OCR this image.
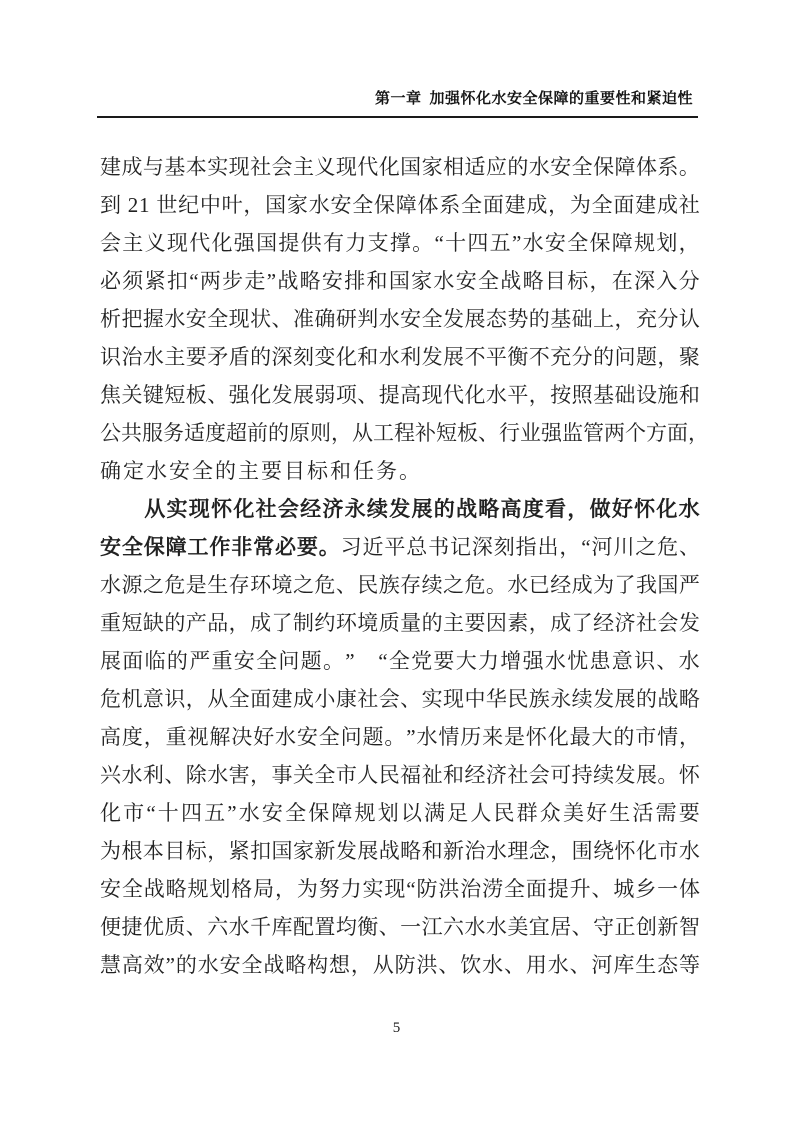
第一章 加强怀化水安全保障的重要性和紧迫性
建 成 与 基 本 实 现 社 会 主 义 现 代 化 国 家 相 适 应 的 水 安 全 保 障 体 系 。
到
2 1
世 纪 中 叶 ， 国 家 水 安 全 保 障 体 系 全 面 建 成 ， 为 全 面 建 成 社
会 主 义 现 代 化 强 国 提 供 有 力 支 撑 。 “ 十 四 五 ” 水 安 全 保 障 规 划 ，
必 须 紧 扣 “ 两 步 走 ” 战 略 安 排 和 国 家 水 安 全 战 略 目 标 ， 在 深 入 分
析 把 握 水 安 全 现 状 、 准 确 研 判 水 安 全 发 展 态 势 的 基 础 上 ， 充 分 认
识 治 水 主 要 矛 盾 的 深 刻 变 化 和 水 利 发 展 不 平 衡 不 充 分 的 问 题 ， 聚
焦 关 键 短 板 、 强 化 发 展 弱 项 、 提 高 现 代 化 水 平 ， 按 照 基 础 设 施 和
公 共 服 务 适 度 超 前 的 原 则 ， 从 工 程 补 短 板 、 行 业 强 监 管 两 个 方 面 ，
确定水安全的主要目标和任务。
从 实 现 怀 化 社 会 经 济 永 续 发 展 的 战 略 高 度 看 ， 做 好 怀 化 水
安 全 保 障 工 作 非 常 必 要 。 习 近 平 总 书 记 深 刻 指 出 ， “ 河 川 之 危 、
水 源 之 危 是 生 存 环 境 之 危 、 民 族 存 续 之 危 。 水 已 经 成 为 了 我 国 严
重 短 缺 的 产 品 ， 成 了 制 约 环 境 质 量 的 主 要 因 素 ， 成 了 经 济 社 会 发
展 面 临 的 严 重 安 全 问 题 。 ”
　 “ 全 党 要 大 力 增 强 水 忧 患 意 识 、 水
危 机 意 识 ， 从 全 面 建 成 小 康 社 会 、 实 现 中 华 民 族 永 续 发 展 的 战 略
高 度 ， 重 视 解 决 好 水 安 全 问 题 。 ” 水 情 历 来 是 怀 化 最 大 的 市 情 ，
兴 水 利 、 除 水 害 ， 事 关 全 市 人 民 福 祉 和 经 济 社 会 可 持 续 发 展 。 怀
化 市 “ 十 四 五 ” 水 安 全 保 障 规 划 以 满 足 人 民 群 众 美 好 生 活 需 要
为 根 本 目 标 ， 紧 扣 国 家 新 发 展 战 略 和 新 治 水 理 念 ， 围 绕 怀 化 市 水
安 全 战 略 规 划 格 局 ， 为 努 力 实 现 “ 防 洪 治 涝 全 面 提 升 、 城 乡 一 体
便 捷 优 质 、 六 水 千 库 配 置 均 衡 、 一 江 六 水 水 美 宜 居 、 守 正 创 新 智
慧 高 效 ” 的 水 安 全 战 略 构 想 ， 从 防 洪 、 饮 水 、 用 水 、 河 库 生 态 等
5
